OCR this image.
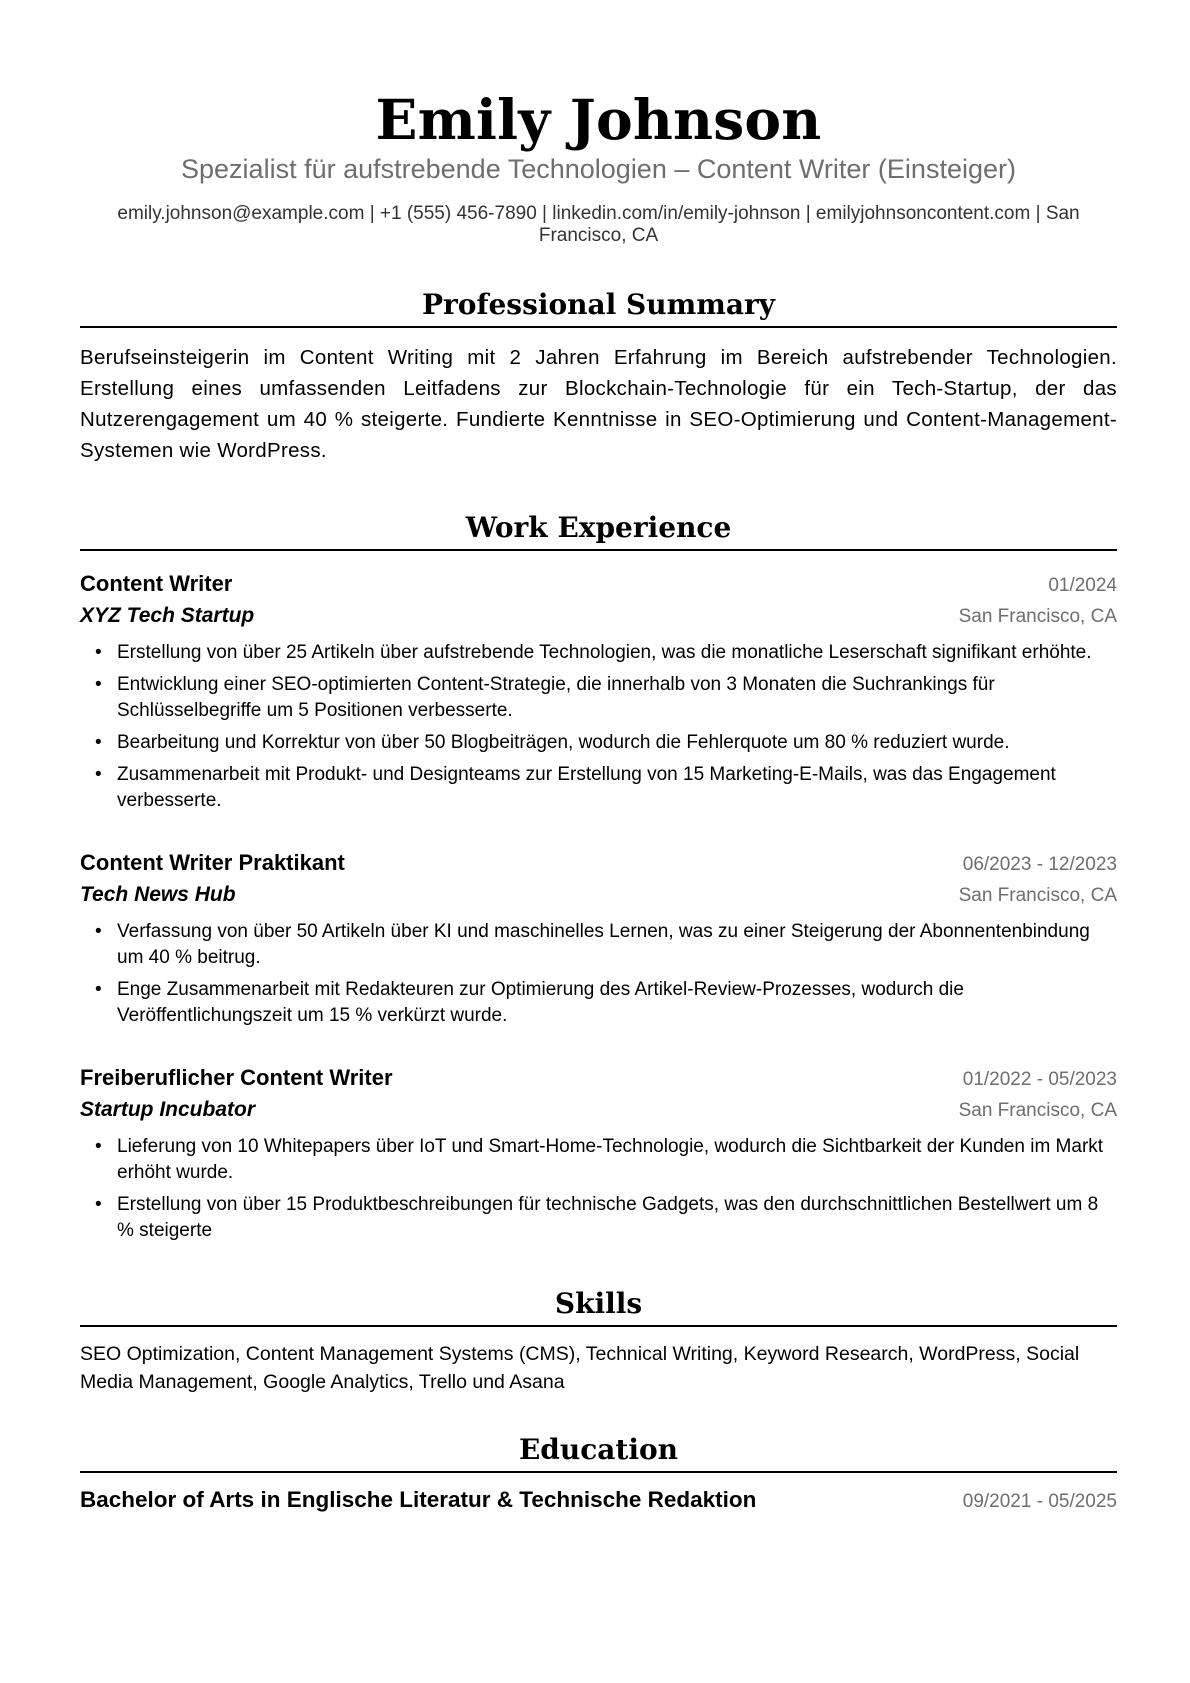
Emily Johnson
Spezialist für aufstrebende Technologien – Content Writer (Einsteiger)
emily.johnson@example.com | +1 (555) 456-7890 | linkedin.com/in/emily-johnson | emilyjohnsoncontent.com | San Francisco, CA
Professional Summary
Berufseinsteigerin im Content Writing mit 2 Jahren Erfahrung im Bereich aufstrebender Technologien. Erstellung eines umfassenden Leitfadens zur Blockchain-Technologie für ein Tech-Startup, der das Nutzerengagement um 40 % steigerte. Fundierte Kenntnisse in SEO-Optimierung und Content-Management-Systemen wie WordPress.
Work Experience
Content Writer	01/2024
XYZ Tech Startup	San Francisco, CA
• Erstellung von über 25 Artikeln über aufstrebende Technologien, was die monatliche Leserschaft signifikant erhöhte.
• Entwicklung einer SEO-optimierten Content-Strategie, die innerhalb von 3 Monaten die Suchrankings für Schlüsselbegriffe um 5 Positionen verbesserte.
• Bearbeitung und Korrektur von über 50 Blogbeiträgen, wodurch die Fehlerquote um 80 % reduziert wurde.
• Zusammenarbeit mit Produkt- und Designteams zur Erstellung von 15 Marketing-E-Mails, was das Engagement verbesserte.
Content Writer Praktikant	06/2023 - 12/2023
Tech News Hub	San Francisco, CA
• Verfassung von über 50 Artikeln über KI und maschinelles Lernen, was zu einer Steigerung der Abonnentenbindung um 40 % beitrug.
• Enge Zusammenarbeit mit Redakteuren zur Optimierung des Artikel-Review-Prozesses, wodurch die Veröffentlichungszeit um 15 % verkürzt wurde.
Freiberuflicher Content Writer	01/2022 - 05/2023
Startup Incubator	San Francisco, CA
• Lieferung von 10 Whitepapers über IoT und Smart-Home-Technologie, wodurch die Sichtbarkeit der Kunden im Markt erhöht wurde.
• Erstellung von über 15 Produktbeschreibungen für technische Gadgets, was den durchschnittlichen Bestellwert um 8 % steigerte
Skills
SEO Optimization, Content Management Systems (CMS), Technical Writing, Keyword Research, WordPress, Social Media Management, Google Analytics, Trello und Asana
Education
Bachelor of Arts in Englische Literatur & Technische Redaktion	09/2021 - 05/2025
